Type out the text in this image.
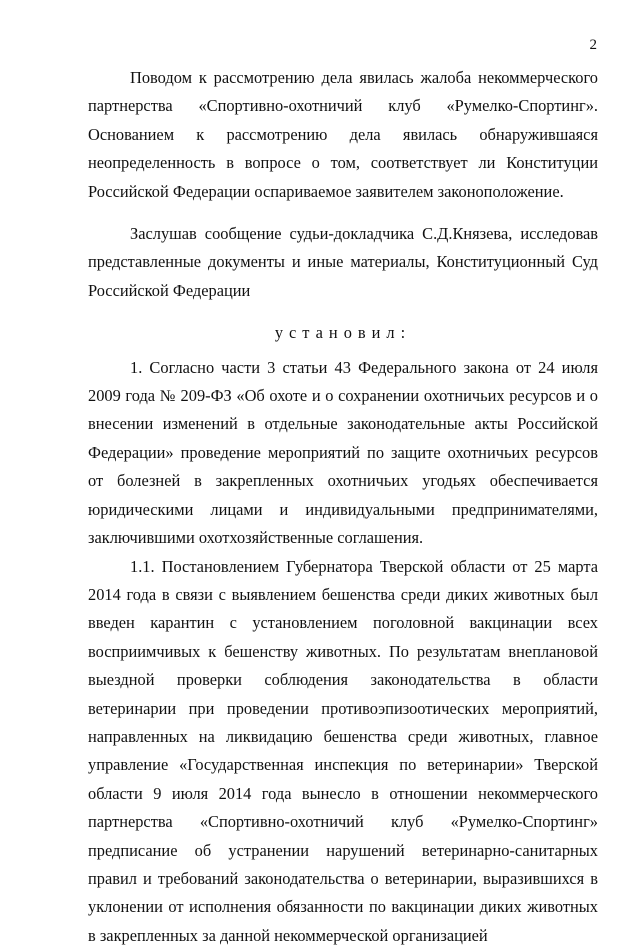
2

Поводом к рассмотрению дела явилась жалоба некоммерческого партнерства «Спортивно-охотничий клуб «Румелко-Спортинг». Основанием к рассмотрению дела явилась обнаружившаяся неопределенность в вопросе о том, соответствует ли Конституции Российской Федерации оспариваемое заявителем законоположение.

Заслушав сообщение судьи-докладчика С.Д.Князева, исследовав представленные документы и иные материалы, Конституционный Суд Российской Федерации

установил:

1. Согласно части 3 статьи 43 Федерального закона от 24 июля 2009 года № 209-ФЗ «Об охоте и о сохранении охотничьих ресурсов и о внесении изменений в отдельные законодательные акты Российской Федерации» проведение мероприятий по защите охотничьих ресурсов от болезней в закрепленных охотничьих угодьях обеспечивается юридическими лицами и индивидуальными предпринимателями, заключившими охотхозяйственные соглашения.

1.1. Постановлением Губернатора Тверской области от 25 марта 2014 года в связи с выявлением бешенства среди диких животных был введен карантин с установлением поголовной вакцинации всех восприимчивых к бешенству животных. По результатам внеплановой выездной проверки соблюдения законодательства в области ветеринарии при проведении противоэпизоотических мероприятий, направленных на ликвидацию бешенства среди животных, главное управление «Государственная инспекция по ветеринарии» Тверской области 9 июля 2014 года вынесло в отношении некоммерческого партнерства «Спортивно-охотничий клуб «Румелко-Спортинг» предписание об устранении нарушений ветеринарно-санитарных правил и требований законодательства о ветеринарии, выразившихся в уклонении от исполнения обязанности по вакцинации диких животных в закрепленных за данной некоммерческой организацией
